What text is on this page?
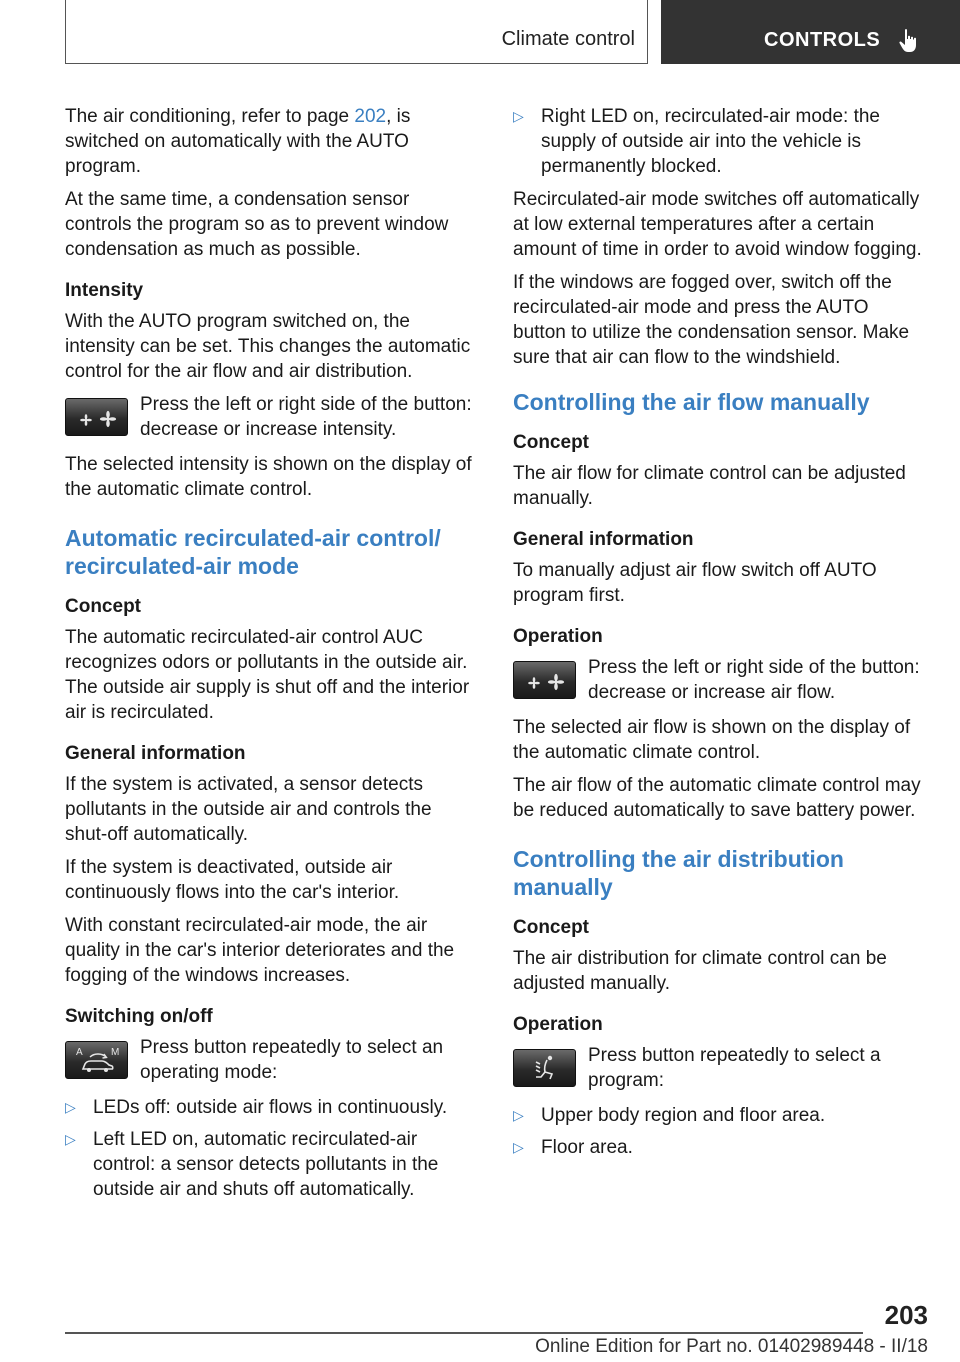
Climate control	CONTROLS

The air conditioning, refer to page 202, is switched on automatically with the AUTO program.

At the same time, a condensation sensor controls the program so as to prevent window condensation as much as possible.

Intensity

With the AUTO program switched on, the intensity can be set. This changes the automatic control for the air flow and air distribution.

Press the left or right side of the button: decrease or increase intensity.

The selected intensity is shown on the display of the automatic climate control.

Automatic recirculated-air control/ recirculated-air mode
Concept

The automatic recirculated-air control AUC recognizes odors or pollutants in the outside air. The outside air supply is shut off and the interior air is recirculated.

General information

If the system is activated, a sensor detects pollutants in the outside air and controls the shut-off automatically.

If the system is deactivated, outside air continuously flows into the car's interior.

With constant recirculated-air mode, the air quality in the car's interior deteriorates and the fogging of the windows increases.

Switching on/off
A	M Press button repeatedly to select an operating mode:
▷ LEDs off: outside air flows in continuously.
▷ Left LED on, automatic recirculated-air control: a sensor detects pollutants in the outside air and shuts off automatically.
▷ Right LED on, recirculated-air mode: the supply of outside air into the vehicle is permanently blocked.

Recirculated-air mode switches off automatically at low external temperatures after a certain amount of time in order to avoid window fogging.

If the windows are fogged over, switch off the recirculated-air mode and press the AUTO button to utilize the condensation sensor. Make sure that air can flow to the windshield.

Controlling the air flow manually
Concept

The air flow for climate control can be adjusted manually.

General information

To manually adjust air flow switch off AUTO program first.

Operation
Press the left or right side of the button: decrease or increase air flow.

The selected air flow is shown on the display of the automatic climate control.

The air flow of the automatic climate control may be reduced automatically to save battery power.

Controlling the air distribution manually
Concept

The air distribution for climate control can be adjusted manually.

Operation
Press button repeatedly to select a program:
▷ Upper body region and floor area.
▷ Floor area.
203
Online Edition for Part no. 01402989448 - II/18
